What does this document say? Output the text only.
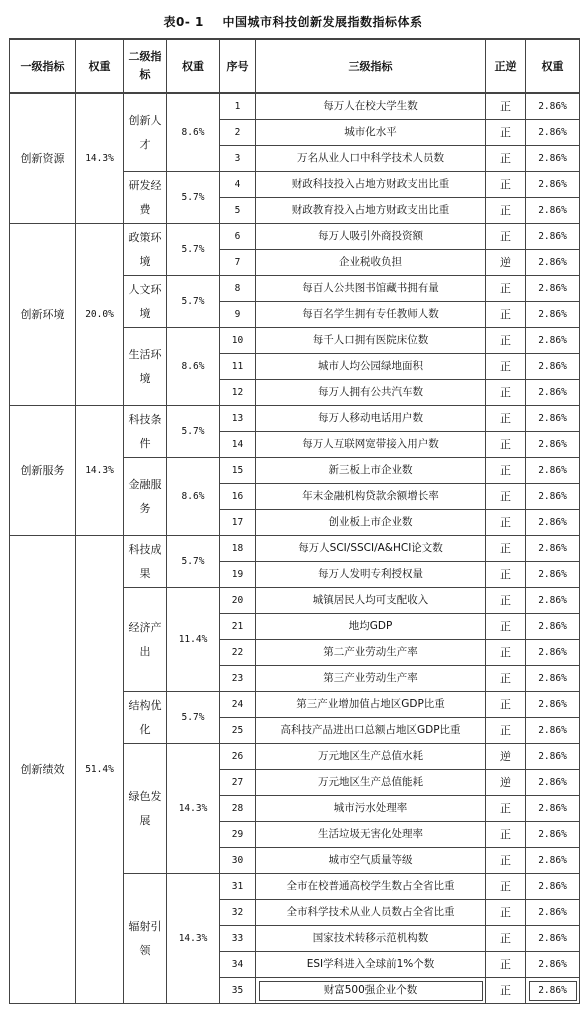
表0- 1 中国城市科技创新发展指数指标体系
一级指标	权重	二级指标	权重	序号	三级指标	正逆	权重
创新资源	14.3%	创新人才	8.6%	1	每万人在校大学生数	正	2.86%
				2	城市化水平	正	2.86%
				3	万名从业人口中科学技术人员数	正	2.86%
		研发经费	5.7%	4	财政科技投入占地方财政支出比重	正	2.86%
				5	财政教育投入占地方财政支出比重	正	2.86%
创新环境	20.0%	政策环境	5.7%	6	每万人吸引外商投资额	正	2.86%
				7	企业税收负担	逆	2.86%
		人文环境	5.7%	8	每百人公共图书馆藏书拥有量	正	2.86%
				9	每百名学生拥有专任教师人数	正	2.86%
		生活环境	8.6%	10	每千人口拥有医院床位数	正	2.86%
				11	城市人均公园绿地面积	正	2.86%
				12	每万人拥有公共汽车数	正	2.86%
创新服务	14.3%	科技条件	5.7%	13	每万人移动电话用户数	正	2.86%
				14	每万人互联网宽带接入用户数	正	2.86%
		金融服务	8.6%	15	新三板上市企业数	正	2.86%
				16	年末金融机构贷款余额增长率	正	2.86%
				17	创业板上市企业数	正	2.86%
创新绩效	51.4%	科技成果	5.7%	18	每万人SCI/SSCI/A&HCI论文数	正	2.86%
				19	每万人发明专利授权量	正	2.86%
		经济产出	11.4%	20	城镇居民人均可支配收入	正	2.86%
				21	地均GDP	正	2.86%
				22	第二产业劳动生产率	正	2.86%
				23	第三产业劳动生产率	正	2.86%
		结构优化	5.7%	24	第三产业增加值占地区GDP比重	正	2.86%
				25	高科技产品进出口总额占地区GDP比重	正	2.86%
		绿色发展	14.3%	26	万元地区生产总值水耗	逆	2.86%
				27	万元地区生产总值能耗	逆	2.86%
				28	城市污水处理率	正	2.86%
				29	生活垃圾无害化处理率	正	2.86%
				30	城市空气质量等级	正	2.86%
		辐射引领	14.3%	31	全市在校普通高校学生数占全省比重	正	2.86%
				32	全市科学技术从业人员数占全省比重	正	2.86%
				33	国家技术转移示范机构数	正	2.86%
				34	ESI学科进入全球前1%个数	正	2.86%
				35	财富500强企业个数	正	2.86%
